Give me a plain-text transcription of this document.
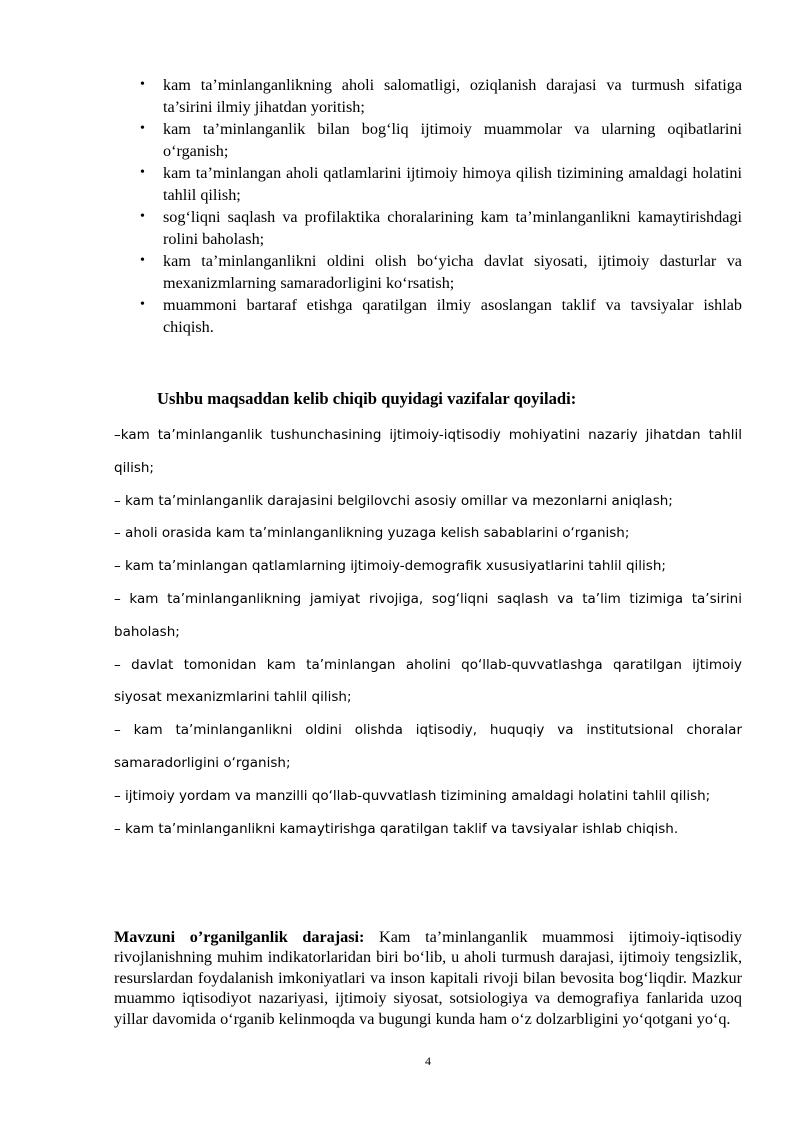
• kam ta’minlanganlikning aholi salomatligi, oziqlanish darajasi va turmush sifatiga ta’sirini ilmiy jihatdan yoritish;
• kam ta’minlanganlik bilan bog‘liq ijtimoiy muammolar va ularning oqibatlarini o‘rganish;
• kam ta’minlangan aholi qatlamlarini ijtimoiy himoya qilish tizimining amaldagi holatini tahlil qilish;
• sog‘liqni saqlash va profilaktika choralarining kam ta’minlanganlikni kamaytirishdagi rolini baholash;
• kam ta’minlanganlikni oldini olish bo‘yicha davlat siyosati, ijtimoiy dasturlar va mexanizmlarning samaradorligini ko‘rsatish;
• muammoni bartaraf etishga qaratilgan ilmiy asoslangan taklif va tavsiyalar ishlab chiqish.

Ushbu maqsaddan kelib chiqib quyidagi vazifalar qoyiladi:

–kam ta’minlanganlik tushunchasining ijtimoiy-iqtisodiy mohiyatini nazariy jihatdan tahlil qilish;
– kam ta’minlanganlik darajasini belgilovchi asosiy omillar va mezonlarni aniqlash;
– aholi orasida kam ta’minlanganlikning yuzaga kelish sabablarini o‘rganish;
– kam ta’minlangan qatlamlarning ijtimoiy-demografik xususiyatlarini tahlil qilish;
– kam ta’minlanganlikning jamiyat rivojiga, sog‘liqni saqlash va ta’lim tizimiga ta’sirini baholash;
– davlat tomonidan kam ta’minlangan aholini qo‘llab-quvvatlashga qaratilgan ijtimoiy siyosat mexanizmlarini tahlil qilish;
– kam ta’minlanganlikni oldini olishda iqtisodiy, huquqiy va institutsional choralar samaradorligini o‘rganish;
– ijtimoiy yordam va manzilli qo‘llab-quvvatlash tizimining amaldagi holatini tahlil qilish;
– kam ta’minlanganlikni kamaytirishga qaratilgan taklif va tavsiyalar ishlab chiqish.

Mavzuni o’rganilganlik darajasi: Kam ta’minlanganlik muammosi ijtimoiy-iqtisodiy rivojlanishning muhim indikatorlaridan biri bo‘lib, u aholi turmush darajasi, ijtimoiy tengsizlik, resurslardan foydalanish imkoniyatlari va inson kapitali rivoji bilan bevosita bog‘liqdir. Mazkur muammo iqtisodiyot nazariyasi, ijtimoiy siyosat, sotsiologiya va demografiya fanlarida uzoq yillar davomida o‘rganib kelinmoqda va bugungi kunda ham o‘z dolzarbligini yo‘qotgani yo‘q.

4
